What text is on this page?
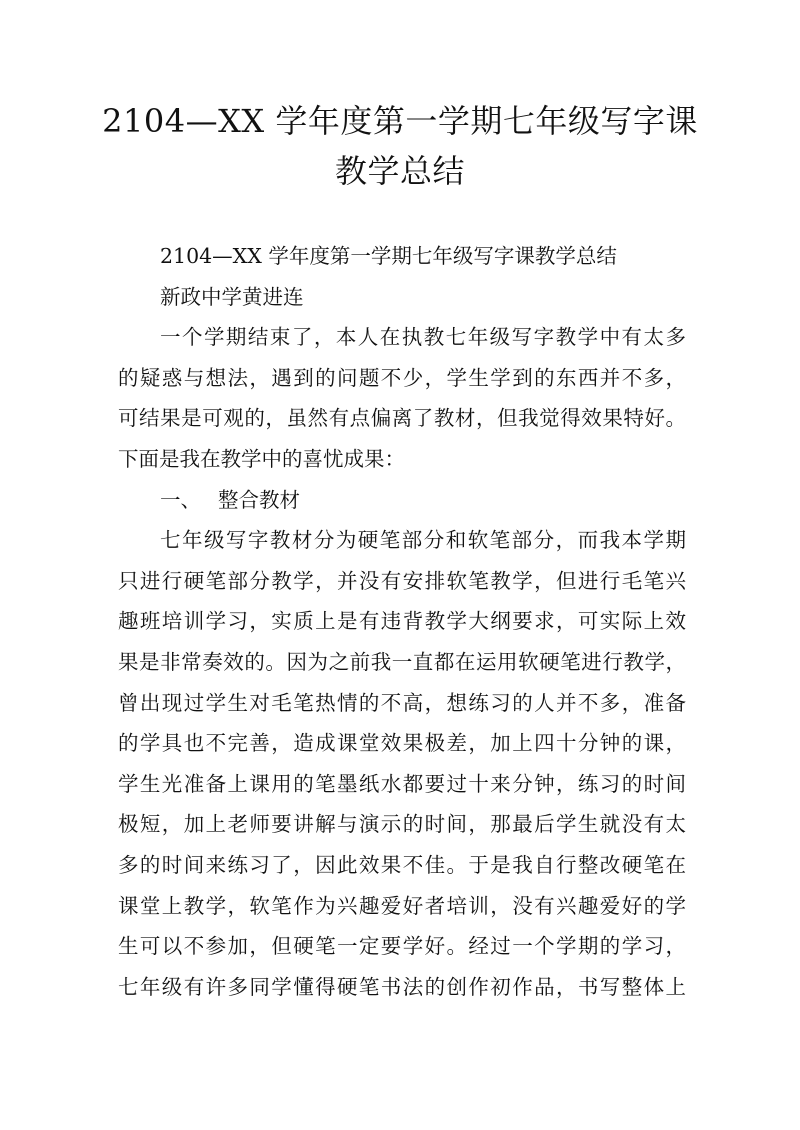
2104—XX 学年度第一学期七年级写字课
教学总结
2104—XX 学年度第一学期七年级写字课教学总结
新政中学黄进连
一个学期结束了，本人在执教七年级写字教学中有太多
的疑惑与想法，遇到的问题不少，学生学到的东西并不多，
可结果是可观的，虽然有点偏离了教材，但我觉得效果特好。
下面是我在教学中的喜忧成果：
一、 整合教材
七年级写字教材分为硬笔部分和软笔部分，而我本学期
只进行硬笔部分教学，并没有安排软笔教学，但进行毛笔兴
趣班培训学习，实质上是有违背教学大纲要求，可实际上效
果是非常奏效的。因为之前我一直都在运用软硬笔进行教学，
曾出现过学生对毛笔热情的不高，想练习的人并不多，准备
的学具也不完善，造成课堂效果极差，加上四十分钟的课，
学生光准备上课用的笔墨纸水都要过十来分钟，练习的时间
极短，加上老师要讲解与演示的时间，那最后学生就没有太
多的时间来练习了，因此效果不佳。于是我自行整改硬笔在
课堂上教学，软笔作为兴趣爱好者培训，没有兴趣爱好的学
生可以不参加，但硬笔一定要学好。经过一个学期的学习，
七年级有许多同学懂得硬笔书法的创作初作品，书写整体上
